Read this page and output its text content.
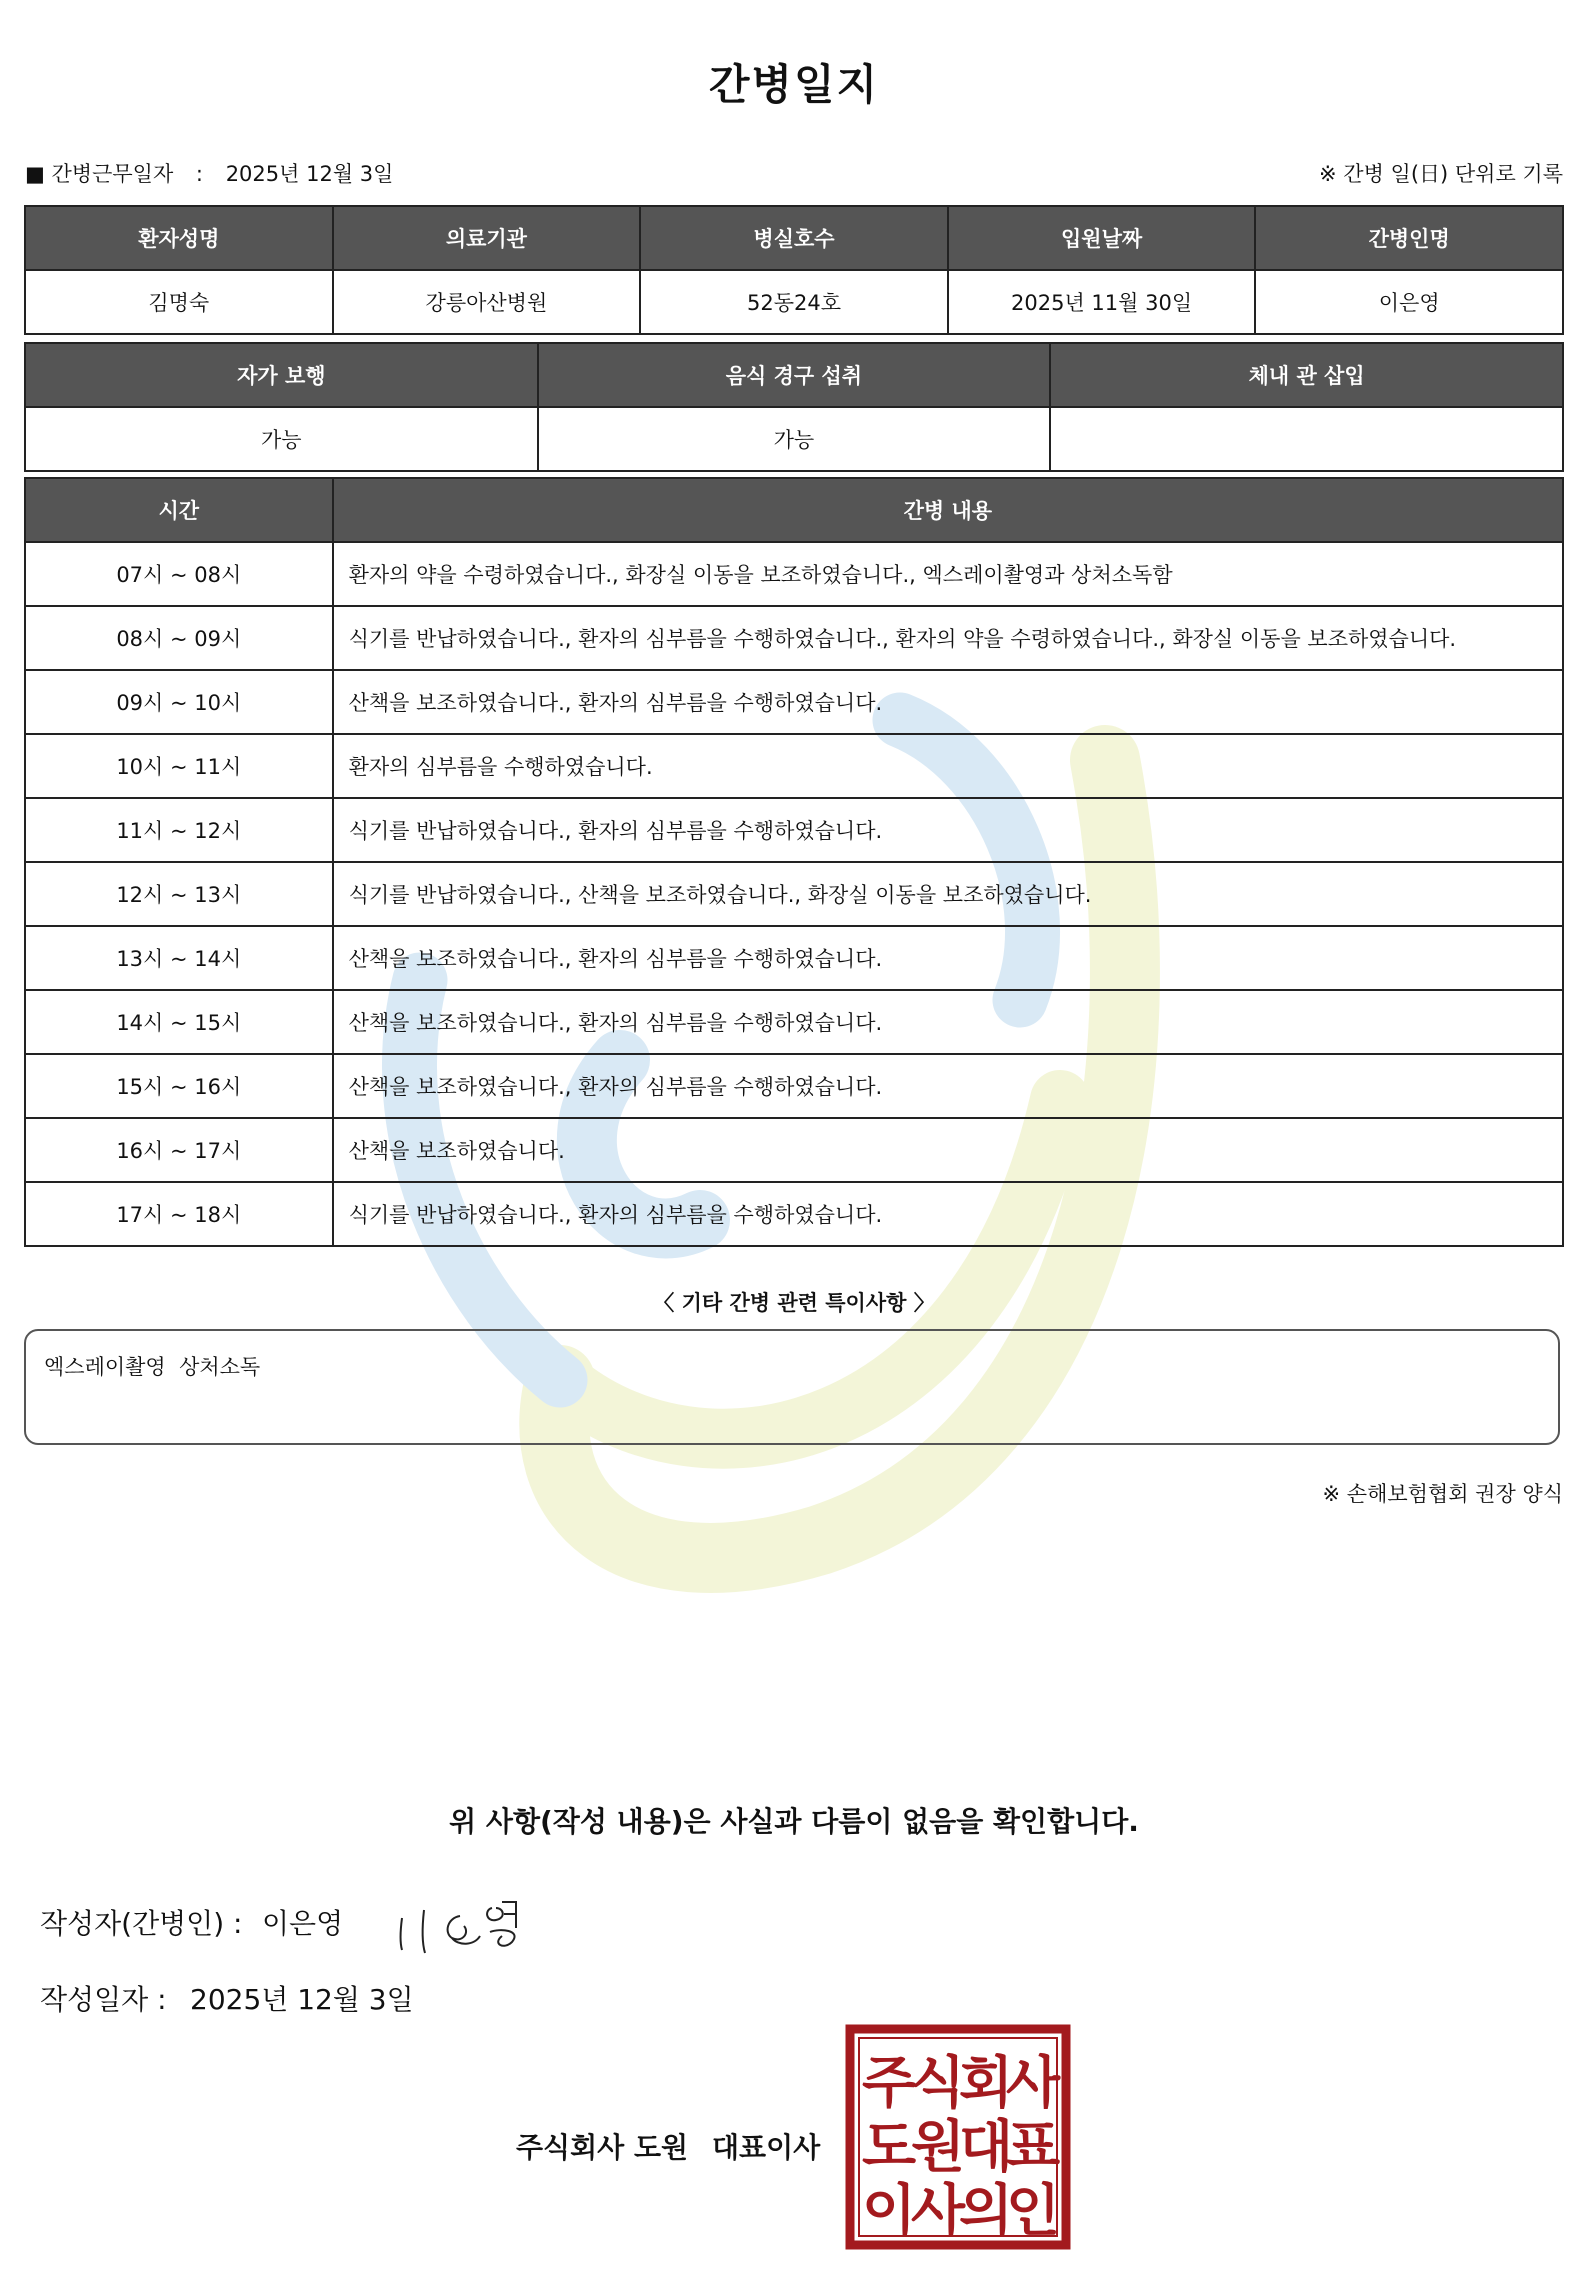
간병일지
■ 간병근무일자 : 2025년 12월 3일	※ 간병 일(日) 단위로 기록
환자성명	의료기관	병실호수	입원날짜	간병인명
김명숙	강릉아산병원	52동24호	2025년 11월 30일	이은영
자가 보행	음식 경구 섭취	체내 관 삽입
가능	가능	
시간	간병 내용
07시 ~ 08시	환자의 약을 수령하였습니다., 화장실 이동을 보조하였습니다., 엑스레이촬영과 상처소독함
08시 ~ 09시	식기를 반납하였습니다., 환자의 심부름을 수행하였습니다., 환자의 약을 수령하였습니다., 화장실 이동을 보조하였습니다.
09시 ~ 10시	산책을 보조하였습니다., 환자의 심부름을 수행하였습니다.
10시 ~ 11시	환자의 심부름을 수행하였습니다.
11시 ~ 12시	식기를 반납하였습니다., 환자의 심부름을 수행하였습니다.
12시 ~ 13시	식기를 반납하였습니다., 산책을 보조하였습니다., 화장실 이동을 보조하였습니다.
13시 ~ 14시	산책을 보조하였습니다., 환자의 심부름을 수행하였습니다.
14시 ~ 15시	산책을 보조하였습니다., 환자의 심부름을 수행하였습니다.
15시 ~ 16시	산책을 보조하였습니다., 환자의 심부름을 수행하였습니다.
16시 ~ 17시	산책을 보조하였습니다.
17시 ~ 18시	식기를 반납하였습니다., 환자의 심부름을 수행하였습니다.
〈 기타 간병 관련 특이사항 〉
엑스레이촬영  상처소독
※ 손해보험협회 권장 양식
위 사항(작성 내용)은 사실과 다름이 없음을 확인합니다.
작성자(간병인) : 이은영
작성일자 : 2025년 12월 3일
주식회사 도원 대표이사
주
식
회
사
도
원
대
표
이
사
의
인
